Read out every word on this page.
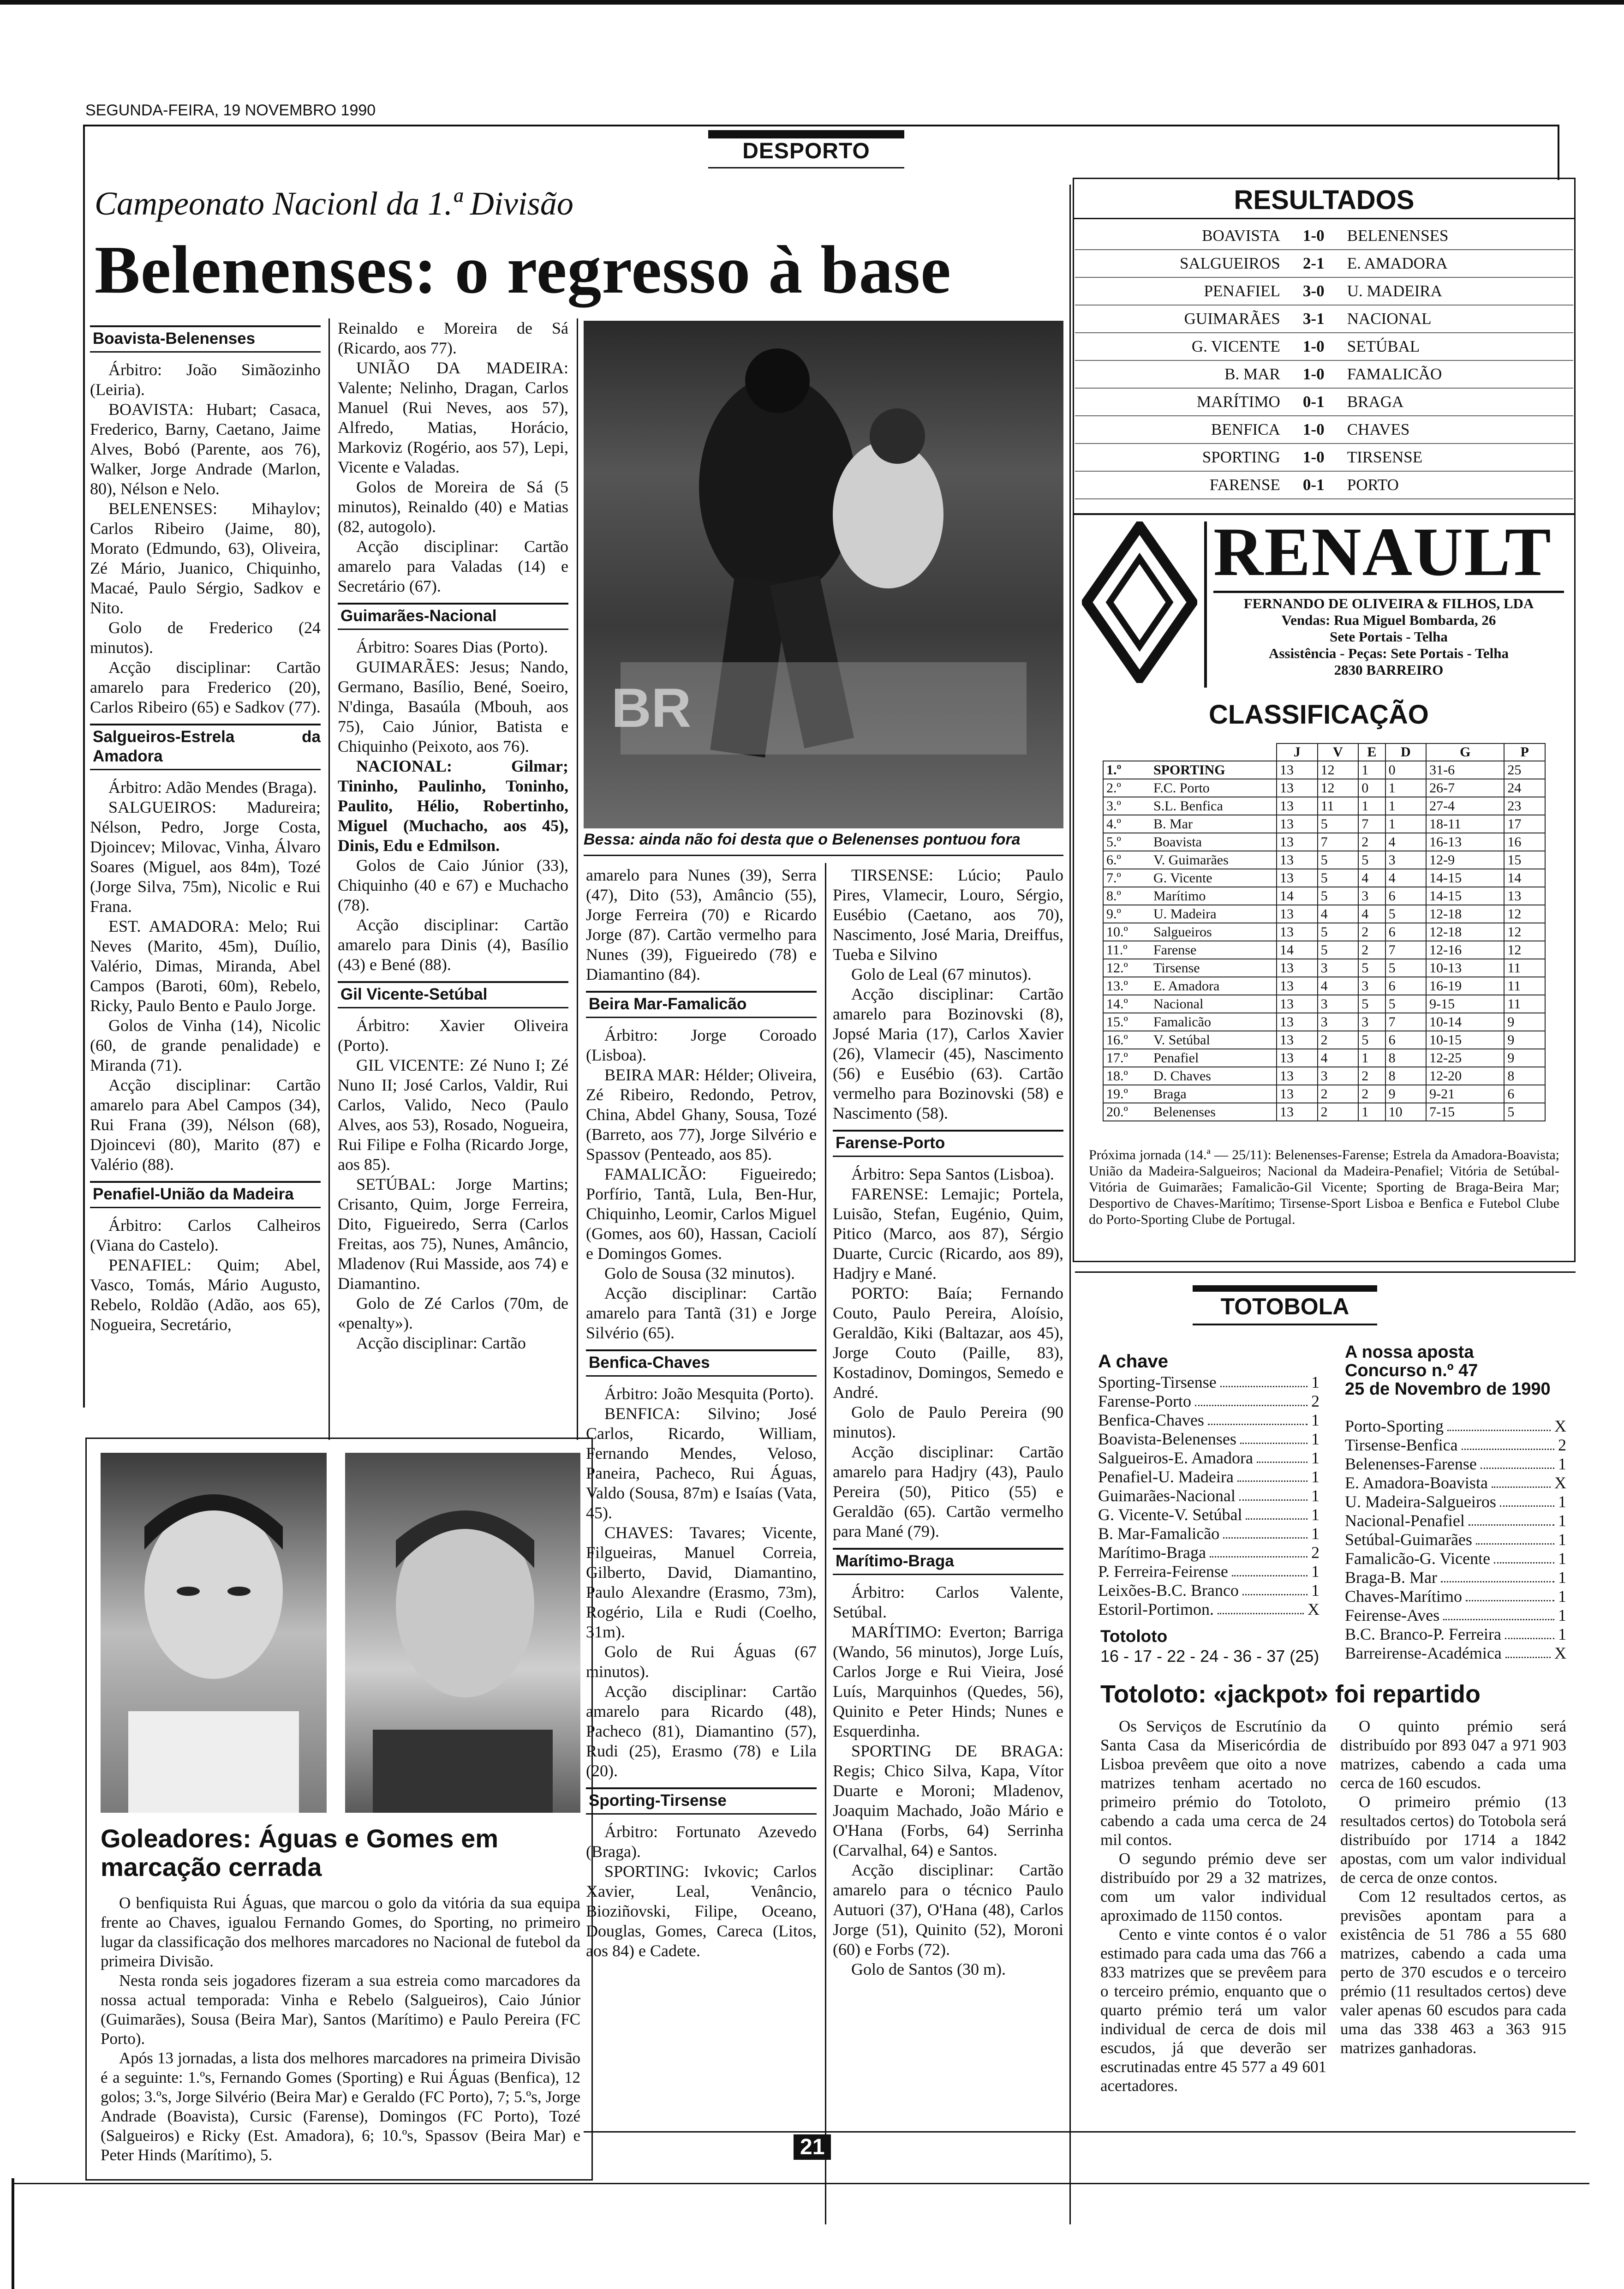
SEGUNDA-FEIRA, 19 NOVEMBRO 1990
DESPORTO
Campeonato Nacionl da 1.ª Divisão
Belenenses: o regresso à base
Boavista-Belenenses

Árbitro: João Simãozinho (Leiria).

BOAVISTA: Hubart; Casaca, Frederico, Barny, Caetano, Jaime Alves, Bobó (Parente, aos 76), Walker, Jorge Andrade (Marlon, 80), Nélson e Nelo.

BELENENSES: Mihaylov; Carlos Ribeiro (Jaime, 80), Morato (Edmundo, 63), Oliveira, Zé Mário, Juanico, Chiquinho, Macaé, Paulo Sérgio, Sadkov e Nito.

Golo de Frederico (24 minutos).

Acção disciplinar: Cartão amarelo para Frederico (20), Carlos Ribeiro (65) e Sadkov (77).

Salgueiros-Estrela da Amadora

Árbitro: Adão Mendes (Braga).

SALGUEIROS: Madureira; Nélson, Pedro, Jorge Costa, Djoincev; Milovac, Vinha, Álvaro Soares (Miguel, aos 84m), Tozé (Jorge Silva, 75m), Nicolic e Rui Frana.

EST. AMADORA: Melo; Rui Neves (Marito, 45m), Duílio, Valério, Dimas, Miranda, Abel Campos (Baroti, 60m), Rebelo, Ricky, Paulo Bento e Paulo Jorge.

Golos de Vinha (14), Nicolic (60, de grande penalidade) e Miranda (71).

Acção disciplinar: Cartão amarelo para Abel Campos (34), Rui Frana (39), Nélson (68), Djoincevi (80), Marito (87) e Valério (88).

Penafiel-União da Madeira

Árbitro: Carlos Calheiros (Viana do Castelo).

PENAFIEL: Quim; Abel, Vasco, Tomás, Mário Augusto, Rebelo, Roldão (Adão, aos 65), Nogueira, Secretário,

Reinaldo e Moreira de Sá (Ricardo, aos 77).

UNIÃO DA MADEIRA: Valente; Nelinho, Dragan, Carlos Manuel (Rui Neves, aos 57), Alfredo, Matias, Horácio, Markoviz (Rogério, aos 57), Lepi, Vicente e Valadas.

Golos de Moreira de Sá (5 minutos), Reinaldo (40) e Matias (82, autogolo).

Acção disciplinar: Cartão amarelo para Valadas (14) e Secretário (67).

Guimarães-Nacional

Árbitro: Soares Dias (Porto).

GUIMARÃES: Jesus; Nando, Germano, Basílio, Bené, Soeiro, N'dinga, Basaúla (Mbouh, aos 75), Caio Júnior, Batista e Chiquinho (Peixoto, aos 76).

NACIONAL: Gilmar; Tininho, Paulinho, Toninho, Paulito, Hélio, Robertinho, Miguel (Muchacho, aos 45), Dinis, Edu e Edmilson.

Golos de Caio Júnior (33), Chiquinho (40 e 67) e Muchacho (78).

Acção disciplinar: Cartão amarelo para Dinis (4), Basílio (43) e Bené (88).

Gil Vicente-Setúbal

Árbitro: Xavier Oliveira (Porto).

GIL VICENTE: Zé Nuno I; Zé Nuno II; José Carlos, Valdir, Rui Carlos, Valido, Neco (Paulo Alves, aos 53), Rosado, Nogueira, Rui Filipe e Folha (Ricardo Jorge, aos 85).

SETÚBAL: Jorge Martins; Crisanto, Quim, Jorge Ferreira, Dito, Figueiredo, Serra (Carlos Freitas, aos 75), Nunes, Amâncio, Mladenov (Rui Masside, aos 74) e Diamantino.

Golo de Zé Carlos (70m, de «penalty»).

Acção disciplinar: Cartão

BR
Bessa: ainda não foi desta que o Belenenses pontuou fora

amarelo para Nunes (39), Serra (47), Dito (53), Amâncio (55), Jorge Ferreira (70) e Ricardo Jorge (87). Cartão vermelho para Nunes (39), Figueiredo (78) e Diamantino (84).

Beira Mar-Famalicão

Árbitro: Jorge Coroado (Lisboa).

BEIRA MAR: Hélder; Oliveira, Zé Ribeiro, Redondo, Petrov, China, Abdel Ghany, Sousa, Tozé (Barreto, aos 77), Jorge Silvério e Spassov (Penteado, aos 85).

FAMALICÃO: Figueiredo; Porfírio, Tantã, Lula, Ben-Hur, Chiquinho, Leomir, Carlos Miguel (Gomes, aos 60), Hassan, Caciolí e Domingos Gomes.

Golo de Sousa (32 minutos).

Acção disciplinar: Cartão amarelo para Tantã (31) e Jorge Silvério (65).

Benfica-Chaves

Árbitro: João Mesquita (Porto).

BENFICA: Silvino; José Carlos, Ricardo, William, Fernando Mendes, Veloso, Paneira, Pacheco, Rui Águas, Valdo (Sousa, 87m) e Isaías (Vata, 45).

CHAVES: Tavares; Vicente, Filgueiras, Manuel Correia, Gilberto, David, Diamantino, Paulo Alexandre (Erasmo, 73m), Rogério, Lila e Rudi (Coelho, 31m).

Golo de Rui Águas (67 minutos).

Acção disciplinar: Cartão amarelo para Ricardo (48), Pacheco (81), Diamantino (57), Rudi (25), Erasmo (78) e Lila (20).

Sporting-Tirsense

Árbitro: Fortunato Azevedo (Braga).

SPORTING: Ivkovic; Carlos Xavier, Leal, Venâncio, Bioziñovski, Filipe, Oceano, Douglas, Gomes, Careca (Litos, aos 84) e Cadete.

TIRSENSE: Lúcio; Paulo Pires, Vlamecir, Louro, Sérgio, Eusébio (Caetano, aos 70), Nascimento, José Maria, Dreiffus, Tueba e Silvino

Golo de Leal (67 minutos).

Acção disciplinar: Cartão amarelo para Bozinovski (8), Jopsé Maria (17), Carlos Xavier (26), Vlamecir (45), Nascimento (56) e Eusébio (63). Cartão vermelho para Bozinovski (58) e Nascimento (58).

Farense-Porto

Árbitro: Sepa Santos (Lisboa).

FARENSE: Lemajic; Portela, Luisão, Stefan, Eugénio, Quim, Pitico (Marco, aos 87), Sérgio Duarte, Curcic (Ricardo, aos 89), Hadjry e Mané.

PORTO: Baía; Fernando Couto, Paulo Pereira, Aloísio, Geraldão, Kiki (Baltazar, aos 45), Jorge Couto (Paille, 83), Kostadinov, Domingos, Semedo e André.

Golo de Paulo Pereira (90 minutos).

Acção disciplinar: Cartão amarelo para Hadjry (43), Paulo Pereira (50), Pitico (55) e Geraldão (65). Cartão vermelho para Mané (79).

Marítimo-Braga

Árbitro: Carlos Valente, Setúbal.

MARÍTIMO: Everton; Barriga (Wando, 56 minutos), Jorge Luís, Carlos Jorge e Rui Vieira, José Luís, Marquinhos (Quedes, 56), Quinito e Peter Hinds; Nunes e Esquerdinha.

SPORTING DE BRAGA: Regis; Chico Silva, Kapa, Vítor Duarte e Moroni; Mladenov, Joaquim Machado, João Mário e O'Hana (Forbs, 64) Serrinha (Carvalhal, 64) e Santos.

Acção disciplinar: Cartão amarelo para o técnico Paulo Autuori (37), O'Hana (48), Carlos Jorge (51), Quinito (52), Moroni (60) e Forbs (72).

Golo de Santos (30 m).

Goleadores: Águas e Gomes em marcação cerrada

O benfiquista Rui Águas, que marcou o golo da vitória da sua equipa frente ao Chaves, igualou Fernando Gomes, do Sporting, no primeiro lugar da classificação dos melhores marcadores no Nacional de futebol da primeira Divisão.

Nesta ronda seis jogadores fizeram a sua estreia como marcadores da nossa actual temporada: Vinha e Rebelo (Salgueiros), Caio Júnior (Guimarães), Sousa (Beira Mar), Santos (Marítimo) e Paulo Pereira (FC Porto).

Após 13 jornadas, a lista dos melhores marcadores na primeira Divisão é a seguinte: 1.ºs, Fernando Gomes (Sporting) e Rui Águas (Benfica), 12 golos; 3.ºs, Jorge Silvério (Beira Mar) e Geraldo (FC Porto), 7; 5.ºs, Jorge Andrade (Boavista), Cursic (Farense), Domingos (FC Porto), Tozé (Salgueiros) e Ricky (Est. Amadora), 6; 10.ºs, Spassov (Beira Mar) e Peter Hinds (Marítimo), 5.

RESULTADOS
BOAVISTA	1-0	BELENENSES
SALGUEIROS	2-1	E. AMADORA
PENAFIEL	3-0	U. MADEIRA
GUIMARÃES	3-1	NACIONAL
G. VICENTE	1-0	SETÚBAL
B. MAR	1-0	FAMALICÃO
MARÍTIMO	0-1	BRAGA
BENFICA	1-0	CHAVES
SPORTING	1-0	TIRSENSE
FARENSE	0-1	PORTO
RENAULT
FERNANDO DE OLIVEIRA & FILHOS, LDA
Vendas: Rua Miguel Bombarda, 26
Sete Portais - Telha
Assistência - Peças: Sete Portais - Telha
2830 BARREIRO
CLASSIFICAÇÃO
		J	V	E	D	G	P
1.º	SPORTING	13	12	1	0	31-6	25
2.º	F.C. Porto	13	12	0	1	26-7	24
3.º	S.L. Benfica	13	11	1	1	27-4	23
4.º	B. Mar	13	5	7	1	18-11	17
5.º	Boavista	13	7	2	4	16-13	16
6.º	V. Guimarães	13	5	5	3	12-9	15
7.º	G. Vicente	13	5	4	4	14-15	14
8.º	Marítimo	14	5	3	6	14-15	13
9.º	U. Madeira	13	4	4	5	12-18	12
10.º	Salgueiros	13	5	2	6	12-18	12
11.º	Farense	14	5	2	7	12-16	12
12.º	Tirsense	13	3	5	5	10-13	11
13.º	E. Amadora	13	4	3	6	16-19	11
14.º	Nacional	13	3	5	5	9-15	11
15.º	Famalicão	13	3	3	7	10-14	9
16.º	V. Setúbal	13	2	5	6	10-15	9
17.º	Penafiel	13	4	1	8	12-25	9
18.º	D. Chaves	13	3	2	8	12-20	8
19.º	Braga	13	2	2	9	9-21	6
20.º	Belenenses	13	2	1	10	7-15	5
Próxima jornada (14.ª — 25/11): Belenenses-Farense; Estrela da Amadora-Boavista; União da Madeira-Salgueiros; Nacional da Madeira-Penafiel; Vitória de Setúbal-Vitória de Guimarães; Famalicão-Gil Vicente; Sporting de Braga-Beira Mar; Desportivo de Chaves-Marítimo; Tirsense-Sport Lisboa e Benfica e Futebol Clube do Porto-Sporting Clube de Portugal.
TOTOBOLA
A chave
Sporting-Tirsense	1
Farense-Porto	2
Benfica-Chaves	1
Boavista-Belenenses	1
Salgueiros-E. Amadora	1
Penafiel-U. Madeira	1
Guimarães-Nacional	1
G. Vicente-V. Setúbal	1
B. Mar-Famalicão	1
Marítimo-Braga	2
P. Ferreira-Feirense	1
Leixões-B.C. Branco	1
Estoril-Portimon.	X
Totoloto
16 - 17 - 22 - 24 - 36 - 37 (25)
A nossa aposta
Concurso n.º 47
25 de Novembro de 1990
Porto-Sporting	X
Tirsense-Benfica	2
Belenenses-Farense	1
E. Amadora-Boavista	X
U. Madeira-Salgueiros	1
Nacional-Penafiel	1
Setúbal-Guimarães	1
Famalicão-G. Vicente	1
Braga-B. Mar	1
Chaves-Marítimo	1
Feirense-Aves	1
B.C. Branco-P. Ferreira	1
Barreirense-Académica	X
Totoloto: «jackpot» foi repartido

Os Serviços de Escrutínio da Santa Casa da Misericórdia de Lisboa prevêem que oito a nove matrizes tenham acertado no primeiro prémio do Totoloto, cabendo a cada uma cerca de 24 mil contos.

O segundo prémio deve ser distribuído por 29 a 32 matrizes, com um valor individual aproximado de 1150 contos.

Cento e vinte contos é o valor estimado para cada uma das 766 a 833 matrizes que se prevêem para o terceiro prémio, enquanto que o quarto prémio terá um valor individual de cerca de dois mil escudos, já que deverão ser escrutinadas entre 45 577 a 49 601 acertadores.

O quinto prémio será distribuído por 893 047 a 971 903 matrizes, cabendo a cada uma cerca de 160 escudos.

O primeiro prémio (13 resultados certos) do Totobola será distribuído por 1714 a 1842 apostas, com um valor individual de cerca de onze contos.

Com 12 resultados certos, as previsões apontam para a existência de 51 786 a 55 680 matrizes, cabendo a cada uma perto de 370 escudos e o terceiro prémio (11 resultados certos) deve valer apenas 60 escudos para cada uma das 338 463 a 363 915 matrizes ganhadoras.

21
